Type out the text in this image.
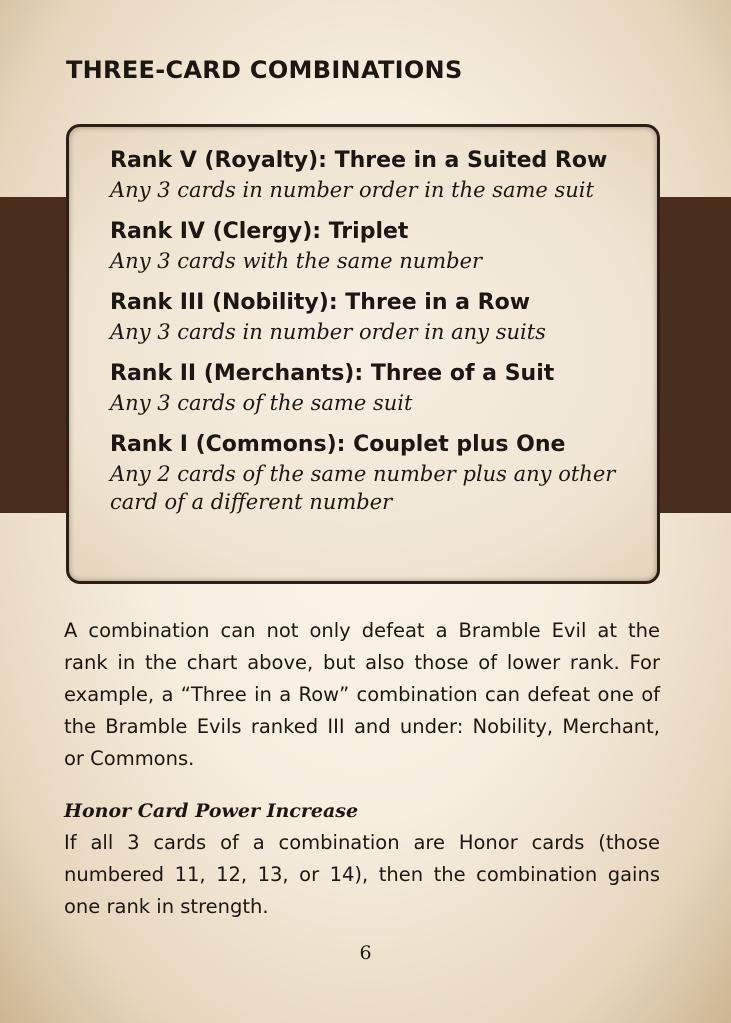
THREE-CARD COMBINATIONS
Rank V (Royalty): Three in a Suited Row
Any 3 cards in number order in the same suit
Rank IV (Clergy): Triplet
Any 3 cards with the same number
Rank III (Nobility): Three in a Row
Any 3 cards in number order in any suits
Rank II (Merchants): Three of a Suit
Any 3 cards of the same suit
Rank I (Commons): Couplet plus One
Any 2 cards of the same number plus any other card of a different number

A combination can not only defeat a Bramble Evil at the rank in the chart above, but also those of lower rank. For example, a “Three in a Row” combination can defeat one of the Bramble Evils ranked III and under: Nobility, Merchant, or Commons.

Honor Card Power Increase

If all 3 cards of a combination are Honor cards (those numbered 11, 12, 13, or 14), then the combination gains one rank in strength.

6
